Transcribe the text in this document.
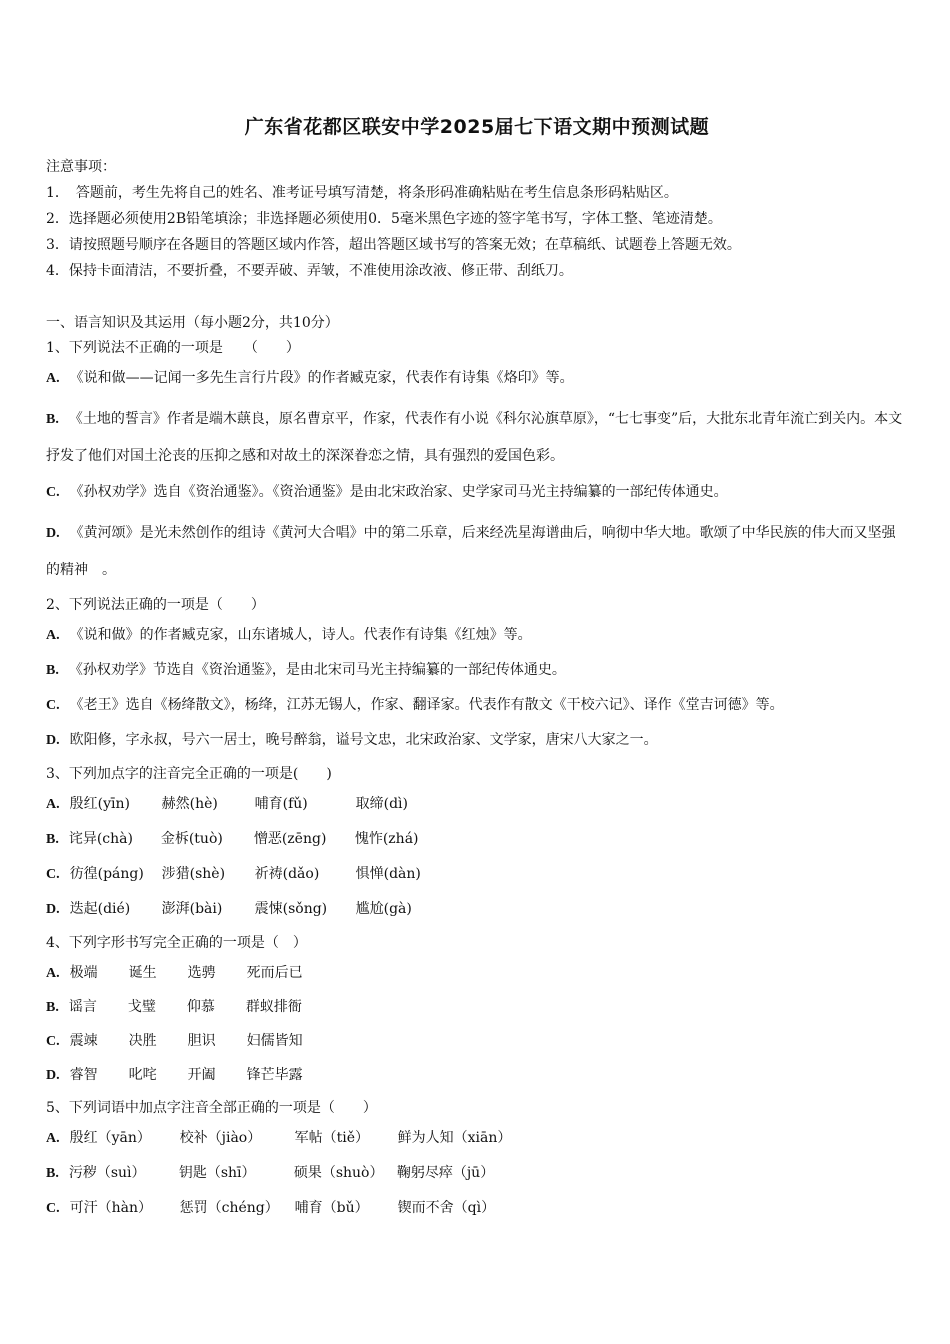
广东省花都区联安中学2025届七下语文期中预测试题
注意事项：
1．　答题前，考生先将自己的姓名、准考证号填写清楚，将条形码准确粘贴在考生信息条形码粘贴区。
2．选择题必须使用2B铅笔填涂；非选择题必须使用0．5毫米黑色字迹的签字笔书写，字体工整、笔迹清楚。
3．请按照题号顺序在各题目的答题区域内作答，超出答题区域书写的答案无效；在草稿纸、试题卷上答题无效。
4．保持卡面清洁，不要折叠，不要弄破、弄皱，不准使用涂改液、修正带、刮纸刀。
一、语言知识及其运用（每小题2分，共10分）
1、下列说法不正确的一项是　　（　　）
A. 《说和做——记闻一多先生言行片段》的作者臧克家，代表作有诗集《烙印》等。
B. 《土地的誓言》作者是端木蕻良，原名曹京平，作家，代表作有小说《科尔沁旗草原》，“七七事变”后，大批东北青年流亡到关内。本文抒发了他们对国土沦丧的压抑之感和对故土的深深眷恋之情，具有强烈的爱国色彩。
C. 《孙权劝学》选自《资治通鉴》。《资治通鉴》是由北宋政治家、史学家司马光主持编纂的一部纪传体通史。
D. 《黄河颂》是光未然创作的组诗《黄河大合唱》中的第二乐章，后来经冼星海谱曲后，响彻中华大地。歌颂了中华民族的伟大而又坚强的精神　。
2、下列说法正确的一项是（　　）
A. 《说和做》的作者臧克家，山东诸城人，诗人。代表作有诗集《红烛》等。
B. 《孙权劝学》节选自《资治通鉴》，是由北宋司马光主持编纂的一部纪传体通史。
C. 《老王》选自《杨绛散文》，杨绛，江苏无锡人，作家、翻译家。代表作有散文《干校六记》、译作《堂吉诃德》等。
D. 欧阳修，字永叔，号六一居士，晚号醉翁，谥号文忠，北宋政治家、文学家，唐宋八大家之一。
3、下列加点字的注音完全正确的一项是(　　)
A. 殷红(yīn) 赫然(hè)	哺育(fǔ)	取缔(dì)
B. 诧异(chà) 金柝(tuò) 憎恶(zēng) 愧怍(zhá)
C. 彷徨(páng) 涉猎(shè) 祈祷(dǎo)	惧惮(dàn)
D. 迭起(dié) 澎湃(bài) 震悚(sǒng) 尴尬(gà)
4、下列字形书写完全正确的一项是（　）
A. 极端 诞生 选骋 死而后已
B. 谣言 戈璧 仰慕 群蚁排衙
C. 震竦 决胜 胆识 妇儒皆知
D. 睿智 叱咤 开阖 锋芒毕露
5、下列词语中加点字注音全部正确的一项是（　　）
A. 殷红（yān） 校补（jiào） 军帖（tiě） 鲜为人知（xiān）
B. 污秽（suì） 钥匙（shī）	硕果（shuò） 鞠躬尽瘁（jū）
C. 可汗（hàn） 惩罚（chéng） 哺育（bǔ） 锲而不舍（qì）
